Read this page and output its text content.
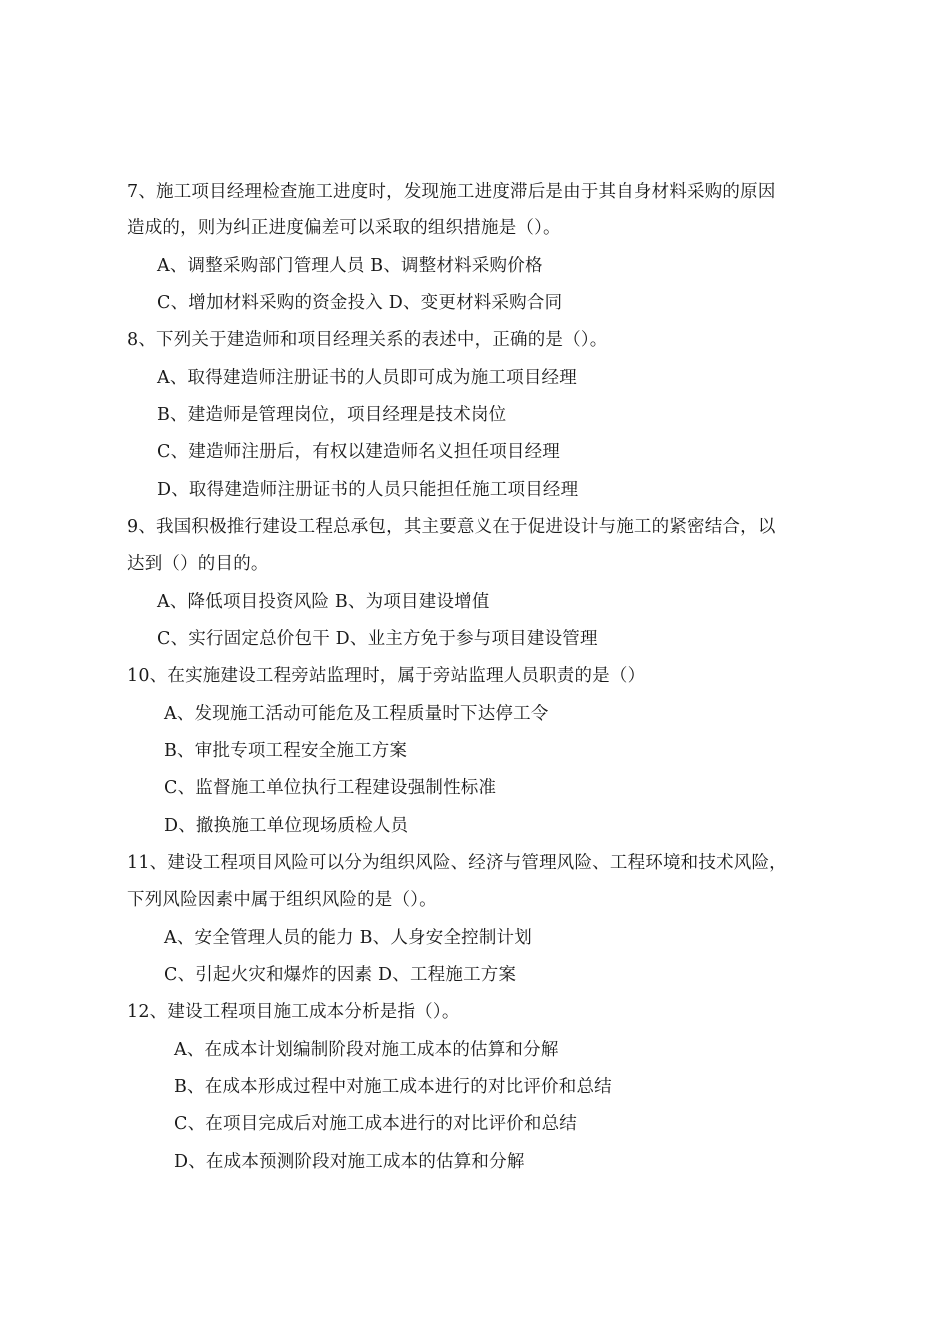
7、施工项目经理检查施工进度时，发现施工进度滞后是由于其自身材料采购的原因
造成的，则为纠正进度偏差可以采取的组织措施是（）。
A、调整采购部门管理人员 B、调整材料采购价格
C、增加材料采购的资金投入 D、变更材料采购合同
8、下列关于建造师和项目经理关系的表述中，正确的是（）。
A、取得建造师注册证书的人员即可成为施工项目经理
B、建造师是管理岗位，项目经理是技术岗位
C、建造师注册后，有权以建造师名义担任项目经理
D、取得建造师注册证书的人员只能担任施工项目经理
9、我国积极推行建设工程总承包，其主要意义在于促进设计与施工的紧密结合，以
达到（）的目的。
A、降低项目投资风险 B、为项目建设增值
C、实行固定总价包干 D、业主方免于参与项目建设管理
10、在实施建设工程旁站监理时，属于旁站监理人员职责的是（）
A、发现施工活动可能危及工程质量时下达停工令
B、审批专项工程安全施工方案
C、监督施工单位执行工程建设强制性标准
D、撤换施工单位现场质检人员
11、建设工程项目风险可以分为组织风险、经济与管理风险、工程环境和技术风险，
下列风险因素中属于组织风险的是（）。
A、安全管理人员的能力 B、人身安全控制计划
C、引起火灾和爆炸的因素 D、工程施工方案
12、建设工程项目施工成本分析是指（）。
A、在成本计划编制阶段对施工成本的估算和分解
B、在成本形成过程中对施工成本进行的对比评价和总结
C、在项目完成后对施工成本进行的对比评价和总结
D、在成本预测阶段对施工成本的估算和分解
